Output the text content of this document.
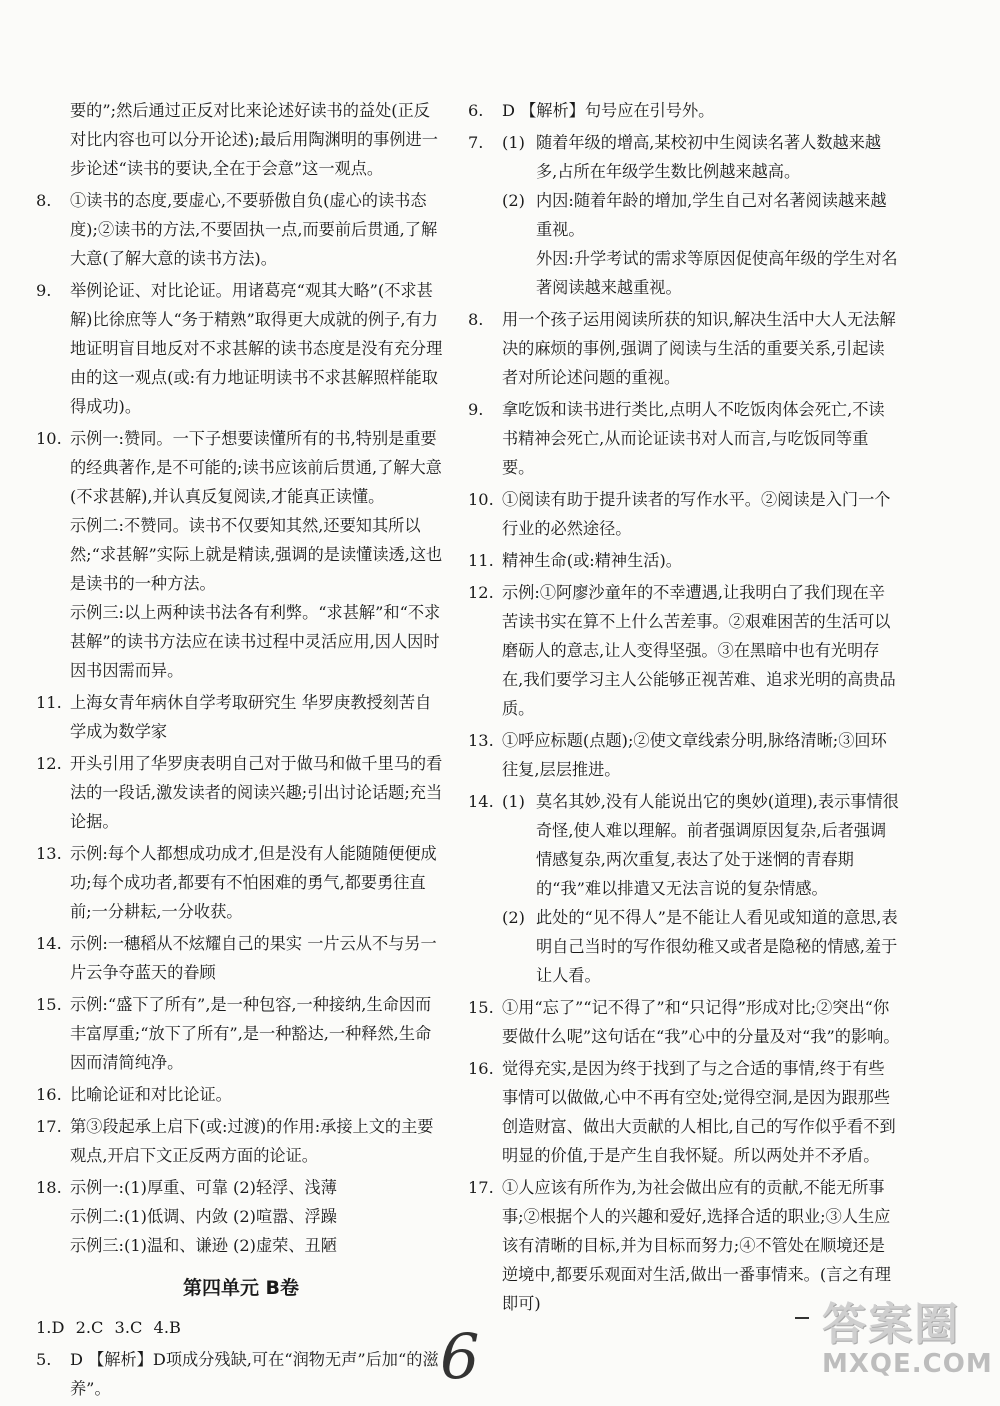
要的”;然后通过正反对比来论述好读书的益处(正反对比内容也可以分开论述);最后用陶渊明的事例进一步论述“读书的要诀,全在于会意”这一观点。

8. ①读书的态度,要虚心,不要骄傲自负(虚心的读书态度);②读书的方法,不要固执一点,而要前后贯通,了解大意(了解大意的读书方法)。

9. 举例论证、对比论证。用诸葛亮“观其大略”(不求甚解)比徐庶等人“务于精熟”取得更大成就的例子,有力地证明盲目地反对不求甚解的读书态度是没有充分理由的这一观点(或:有力地证明读书不求甚解照样能取得成功)。

10. 示例一:赞同。一下子想要读懂所有的书,特别是重要的经典著作,是不可能的;读书应该前后贯通,了解大意(不求甚解),并认真反复阅读,才能真正读懂。

示例二:不赞同。读书不仅要知其然,还要知其所以然;“求甚解”实际上就是精读,强调的是读懂读透,这也是读书的一种方法。

示例三:以上两种读书法各有利弊。“求甚解”和“不求甚解”的读书方法应在读书过程中灵活应用,因人因时因书因需而异。

11. 上海女青年病休自学考取研究生 华罗庚教授刻苦自学成为数学家

12. 开头引用了华罗庚表明自己对于做马和做千里马的看法的一段话,激发读者的阅读兴趣;引出讨论话题;充当论据。

13. 示例:每个人都想成功成才,但是没有人能随随便便成功;每个成功者,都要有不怕困难的勇气,都要勇往直前;一分耕耘,一分收获。

14. 示例:一穗稻从不炫耀自己的果实 一片云从不与另一片云争夺蓝天的眷顾

15. 示例:“盛下了所有”,是一种包容,一种接纳,生命因而丰富厚重;“放下了所有”,是一种豁达,一种释然,生命因而清简纯净。

16. 比喻论证和对比论证。

17. 第③段起承上启下(或:过渡)的作用:承接上文的主要观点,开启下文正反两方面的论证。

18. 示例一:(1)厚重、可靠 (2)轻浮、浅薄

示例二:(1)低调、内敛 (2)喧嚣、浮躁

示例三:(1)温和、谦逊 (2)虚荣、丑陋

第四单元 B卷

1.D 2.C 3.C 4.B

5. D 【解析】D项成分残缺,可在“润物无声”后加“的滋养”。

6. D 【解析】句号应在引号外。

7. (1) 随着年级的增高,某校初中生阅读名著人数越来越多,占所在年级学生数比例越来越高。

(2) 内因:随着年龄的增加,学生自己对名著阅读越来越重视。

外因:升学考试的需求等原因促使高年级的学生对名著阅读越来越重视。

8. 用一个孩子运用阅读所获的知识,解决生活中大人无法解决的麻烦的事例,强调了阅读与生活的重要关系,引起读者对所论述问题的重视。

9. 拿吃饭和读书进行类比,点明人不吃饭肉体会死亡,不读书精神会死亡,从而论证读书对人而言,与吃饭同等重要。

10. ①阅读有助于提升读者的写作水平。②阅读是入门一个行业的必然途径。

11. 精神生命(或:精神生活)。

12. 示例:①阿廖沙童年的不幸遭遇,让我明白了我们现在辛苦读书实在算不上什么苦差事。②艰难困苦的生活可以磨砺人的意志,让人变得坚强。③在黑暗中也有光明存在,我们要学习主人公能够正视苦难、追求光明的高贵品质。

13. ①呼应标题(点题);②使文章线索分明,脉络清晰;③回环往复,层层推进。

14. (1) 莫名其妙,没有人能说出它的奥妙(道理),表示事情很奇怪,使人难以理解。前者强调原因复杂,后者强调情感复杂,两次重复,表达了处于迷惘的青春期的“我”难以排遣又无法言说的复杂情感。

(2) 此处的“见不得人”是不能让人看见或知道的意思,表明自己当时的写作很幼稚又或者是隐秘的情感,羞于让人看。

15. ①用“忘了”“记不得了”和“只记得”形成对比;②突出“你要做什么呢”这句话在“我”心中的分量及对“我”的影响。

16. 觉得充实,是因为终于找到了与之合适的事情,终于有些事情可以做做,心中不再有空处;觉得空洞,是因为跟那些创造财富、做出大贡献的人相比,自己的写作似乎看不到明显的价值,于是产生自我怀疑。所以两处并不矛盾。

17. ①人应该有所作为,为社会做出应有的贡献,不能无所事事;②根据个人的兴趣和爱好,选择合适的职业;③人生应该有清晰的目标,并为目标而努力;④不管处在顺境还是逆境中,都要乐观面对生活,做出一番事情来。(言之有理即可)

6	答案圈
MXQE.COM
